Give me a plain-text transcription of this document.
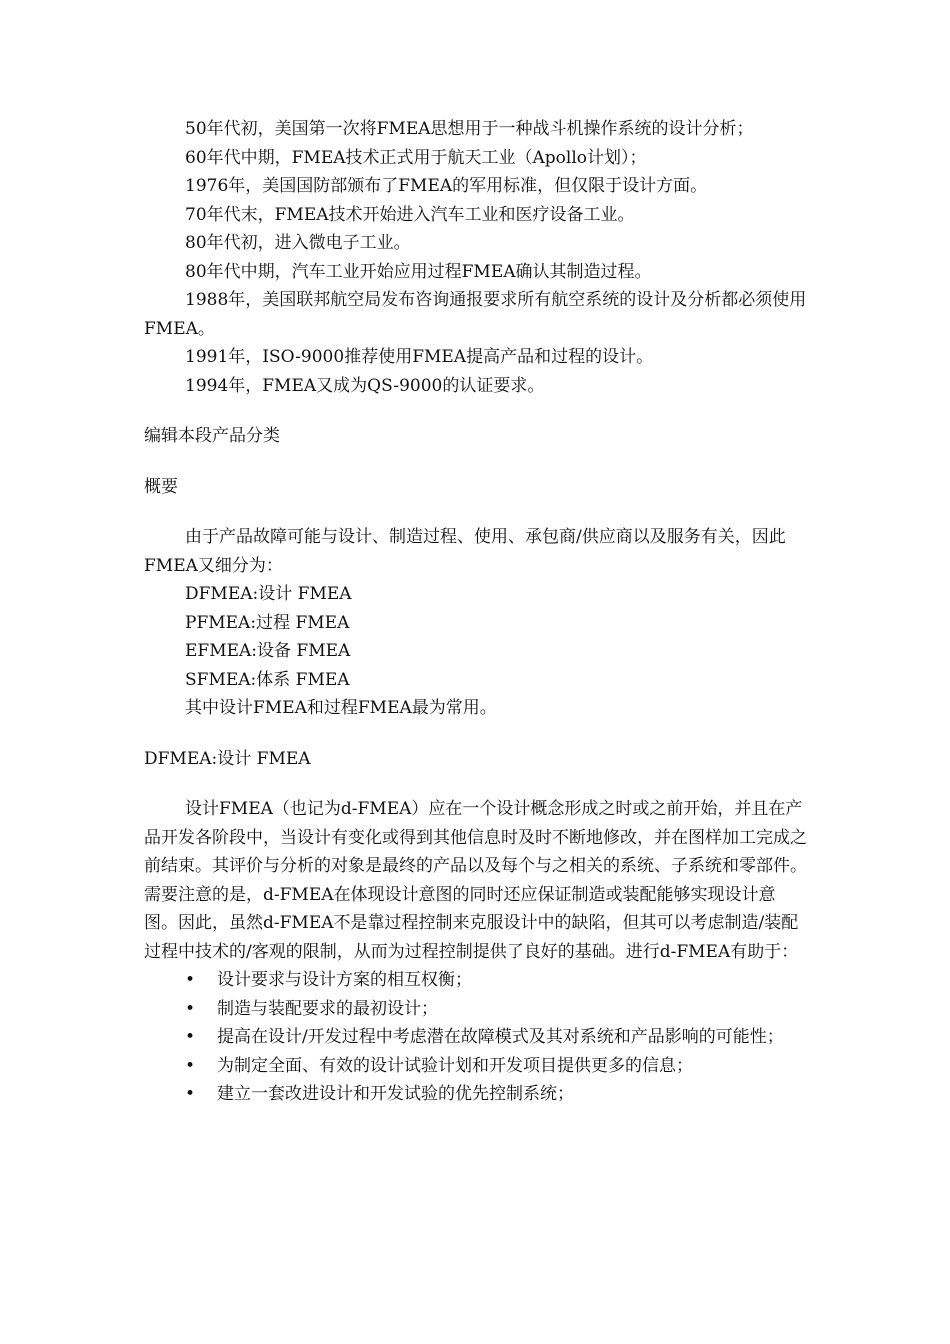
50年代初，美国第一次将FMEA思想用于一种战斗机操作系统的设计分析；

60年代中期，FMEA技术正式用于航天工业（Apollo计划）；

1976年，美国国防部颁布了FMEA的军用标准，但仅限于设计方面。

70年代末，FMEA技术开始进入汽车工业和医疗设备工业。

80年代初，进入微电子工业。

80年代中期，汽车工业开始应用过程FMEA确认其制造过程。

1988年，美国联邦航空局发布咨询通报要求所有航空系统的设计及分析都必须使用FMEA。

1991年，ISO-9000推荐使用FMEA提高产品和过程的设计。

1994年，FMEA又成为QS-9000的认证要求。

编辑本段产品分类

概要

由于产品故障可能与设计、制造过程、使用、承包商/供应商以及服务有关，因此FMEA又细分为：

DFMEA:设计 FMEA

PFMEA:过程 FMEA

EFMEA:设备 FMEA

SFMEA:体系 FMEA

其中设计FMEA和过程FMEA最为常用。

DFMEA:设计 FMEA

设计FMEA（也记为d-FMEA）应在一个设计概念形成之时或之前开始，并且在产品开发各阶段中，当设计有变化或得到其他信息时及时不断地修改，并在图样加工完成之前结束。其评价与分析的对象是最终的产品以及每个与之相关的系统、子系统和零部件。需要注意的是，d-FMEA在体现设计意图的同时还应保证制造或装配能够实现设计意图。因此，虽然d-FMEA不是靠过程控制来克服设计中的缺陷，但其可以考虑制造/装配过程中技术的/客观的限制，从而为过程控制提供了良好的基础。进行d-FMEA有助于：

• 设计要求与设计方案的相互权衡；

• 制造与装配要求的最初设计；

• 提高在设计/开发过程中考虑潜在故障模式及其对系统和产品影响的可能性；

• 为制定全面、有效的设计试验计划和开发项目提供更多的信息；

• 建立一套改进设计和开发试验的优先控制系统；
